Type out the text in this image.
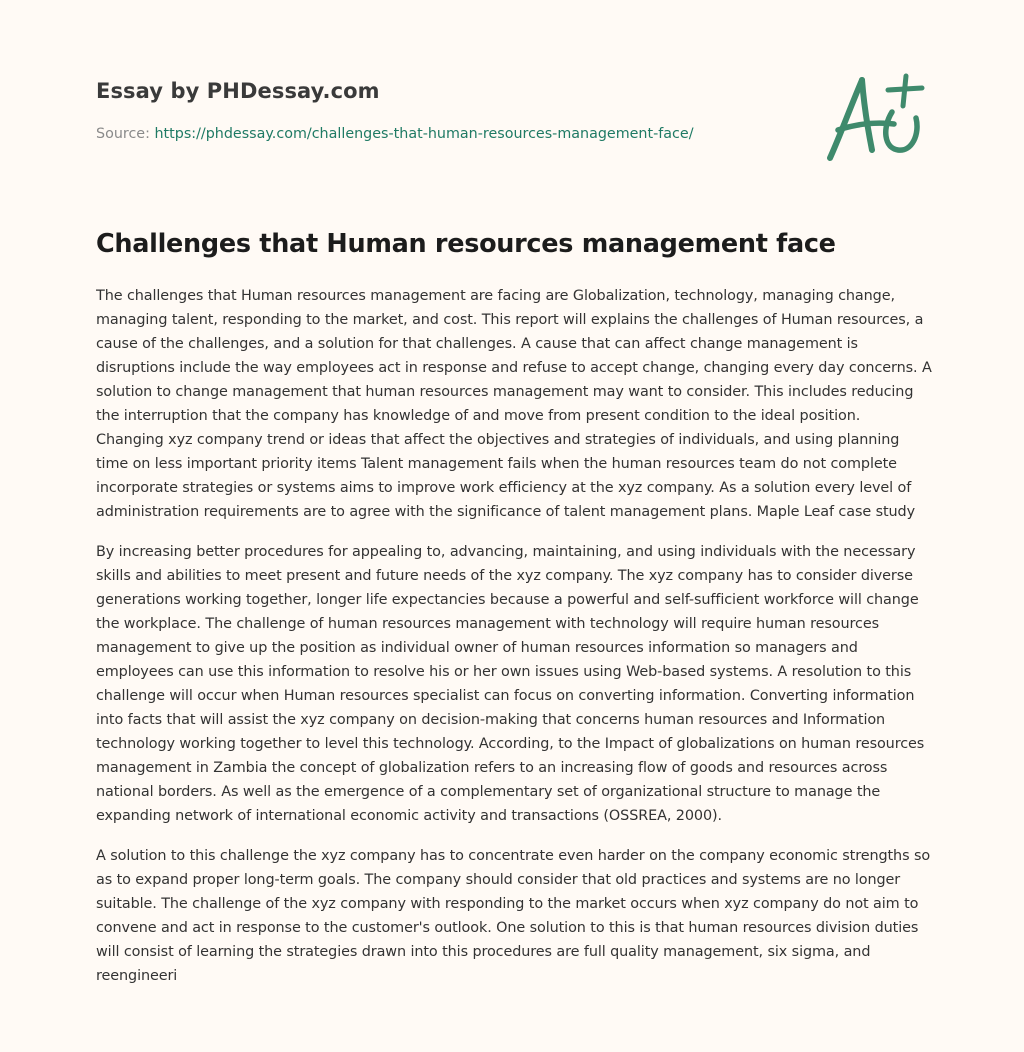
Essay by PHDessay.com
Source: https://phdessay.com/challenges-that-human-resources-management-face/
Challenges that Human resources management face

The challenges that Human resources management are facing are Globalization, technology, managing change, managing talent, responding to the market, and cost. This report will explains the challenges of Human resources, a cause of the challenges, and a solution for that challenges. A cause that can affect change management is disruptions include the way employees act in response and refuse to accept change, changing every day concerns. A solution to change management that human resources management may want to consider. This includes reducing the interruption that the company has knowledge of and move from present condition to the ideal position. Changing xyz company trend or ideas that affect the objectives and strategies of individuals, and using planning time on less important priority items Talent management fails when the human resources team do not complete incorporate strategies or systems aims to improve work efficiency at the xyz company. As a solution every level of administration requirements are to agree with the significance of talent management plans. Maple Leaf case study

By increasing better procedures for appealing to, advancing, maintaining, and using individuals with the necessary skills and abilities to meet present and future needs of the xyz company. The xyz company has to consider diverse generations working together, longer life expectancies because a powerful and self-sufficient workforce will change the workplace. The challenge of human resources management with technology will require human resources management to give up the position as individual owner of human resources information so managers and employees can use this information to resolve his or her own issues using Web-based systems. A resolution to this challenge will occur when Human resources specialist can focus on converting information. Converting information into facts that will assist the xyz company on decision-making that concerns human resources and Information technology working together to level this technology. According, to the Impact of globalizations on human resources management in Zambia the concept of globalization refers to an increasing flow of goods and resources across national borders. As well as the emergence of a complementary set of organizational structure to manage the expanding network of international economic activity and transactions (OSSREA, 2000).

A solution to this challenge the xyz company has to concentrate even harder on the company economic strengths so as to expand proper long-term goals. The company should consider that old practices and systems are no longer suitable. The challenge of the xyz company with responding to the market occurs when xyz company do not aim to convene and act in response to the customer's outlook. One solution to this is that human resources division duties will consist of learning the strategies drawn into this procedures are full quality management, six sigma, and reengineeri
